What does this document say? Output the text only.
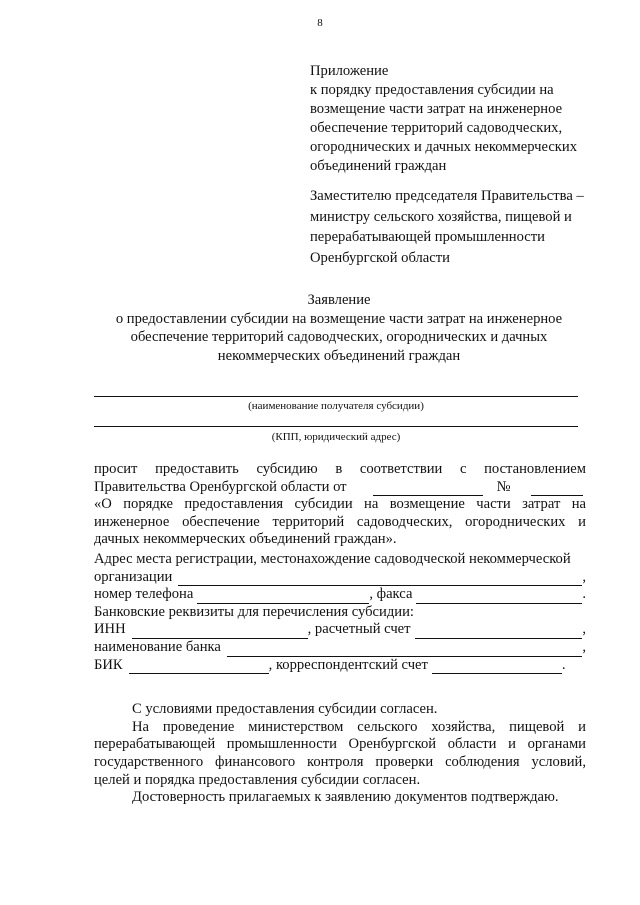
8
Приложение
к порядку предоставления субсидии на
возмещение части затрат на инженерное
обеспечение территорий садоводческих,
огороднических и дачных некоммерческих
объединений граждан
Заместителю председателя Правительства –
министру сельского хозяйства, пищевой и
перерабатывающей промышленности
Оренбургской области
Заявление
о предоставлении субсидии на возмещение части затрат на инженерное
обеспечение территорий садоводческих, огороднических и дачных
некоммерческих объединений граждан
(наименование получателя субсидии)
(КПП, юридический адрес)

просит предоставить субсидию в соответствии с постановлением

Правительства Оренбургской области от	№

«О порядке предоставления субсидии на возмещение части затрат на

инженерное обеспечение территорий садоводческих, огороднических и

дачных некоммерческих объединений граждан».

Адрес места регистрации, местонахождение садоводческой некоммерческой

организации	,
номер телефона	, факса	.

Банковские реквизиты для перечисления субсидии:

ИНН	, расчетный счет	,
наименование банка	,
БИК	, корреспондентский счет	.

С условиями предоставления субсидии согласен.

На проведение министерством сельского хозяйства, пищевой и

перерабатывающей промышленности Оренбургской области и органами

государственного финансового контроля проверки соблюдения условий,

целей и порядка предоставления субсидии согласен.

Достоверность прилагаемых к заявлению документов подтверждаю.
